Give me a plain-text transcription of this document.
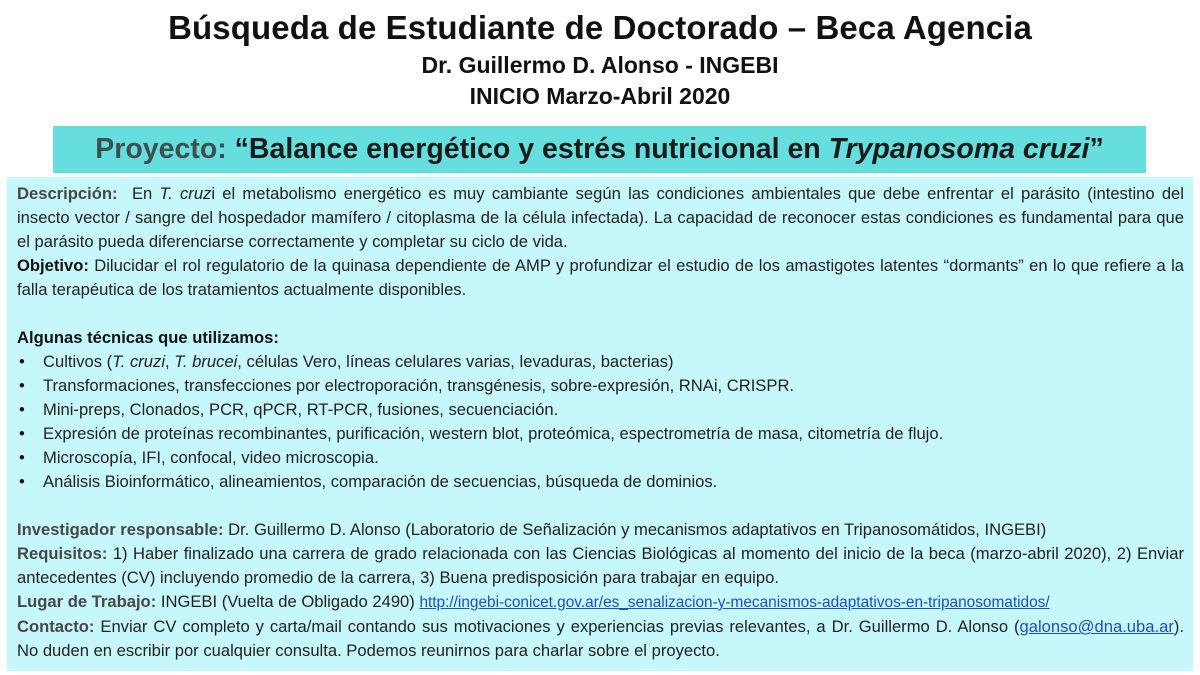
Búsqueda de Estudiante de Doctorado – Beca Agencia

Dr. Guillermo D. Alonso - INGEBI

INICIO Marzo-Abril 2020

Proyecto: “Balance energético y estrés nutricional en Trypanosoma cruzi”

Descripción:  En T. cruzi el metabolismo energético es muy cambiante según las condiciones ambientales que debe enfrentar el parásito (intestino del insecto vector / sangre del hospedador mamífero / citoplasma de la célula infectada). La capacidad de reconocer estas condiciones es fundamental para que el parásito pueda diferenciarse correctamente y completar su ciclo de vida.

Objetivo: Dilucidar el rol regulatorio de la quinasa dependiente de AMP y profundizar el estudio de los amastigotes latentes “dormants” en lo que refiere a la falla terapéutica de los tratamientos actualmente disponibles.

Algunas técnicas que utilizamos:

• Cultivos (T. cruzi, T. brucei, células Vero, líneas celulares varias, levaduras, bacterias)
• Transformaciones, transfecciones por electroporación, transgénesis, sobre-expresión, RNAi, CRISPR.
• Mini-preps, Clonados, PCR, qPCR, RT-PCR, fusiones, secuenciación.
• Expresión de proteínas recombinantes, purificación, western blot, proteómica, espectrometría de masa, citometría de flujo.
• Microscopía, IFI, confocal, video microscopia.
• Análisis Bioinformático, alineamientos, comparación de secuencias, búsqueda de dominios.

Investigador responsable: Dr. Guillermo D. Alonso (Laboratorio de Señalización y mecanismos adaptativos en Tripanosomátidos, INGEBI)

Requisitos: 1) Haber finalizado una carrera de grado relacionada con las Ciencias Biológicas al momento del inicio de la beca (marzo-abril 2020), 2) Enviar antecedentes (CV) incluyendo promedio de la carrera, 3) Buena predisposición para trabajar en equipo.

Lugar de Trabajo: INGEBI (Vuelta de Obligado 2490) http://ingebi-conicet.gov.ar/es_senalizacion-y-mecanismos-adaptativos-en-tripanosomatidos/

Contacto: Enviar CV completo y carta/mail contando sus motivaciones y experiencias previas relevantes, a Dr. Guillermo D. Alonso (galonso@dna.uba.ar). No duden en escribir por cualquier consulta. Podemos reunirnos para charlar sobre el proyecto.
